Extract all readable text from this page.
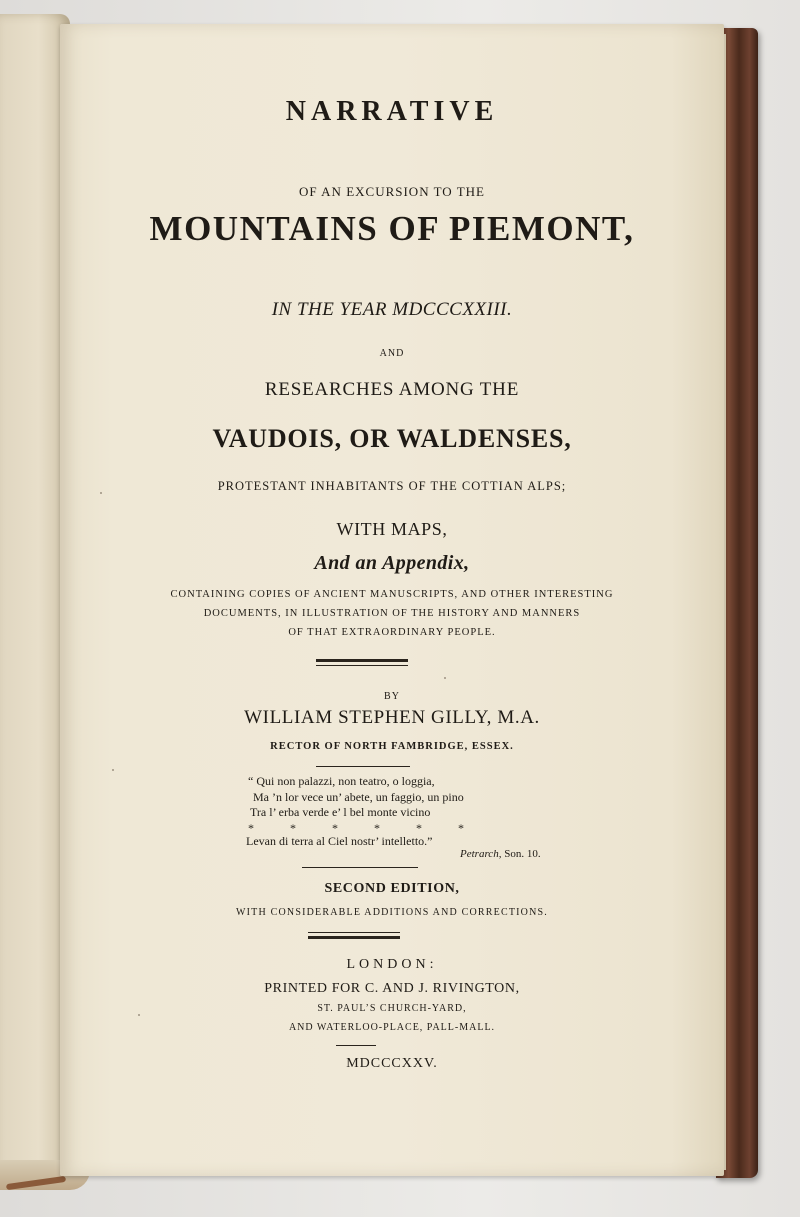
NARRATIVE
OF AN EXCURSION TO THE
MOUNTAINS OF PIEMONT,
IN THE YEAR MDCCCXXIII.
AND
RESEARCHES AMONG THE
VAUDOIS, OR WALDENSES,
PROTESTANT INHABITANTS OF THE COTTIAN ALPS;
WITH MAPS,
And an Appendix,
CONTAINING COPIES OF ANCIENT MANUSCRIPTS, AND OTHER INTERESTING
DOCUMENTS, IN ILLUSTRATION OF THE HISTORY AND MANNERS
OF THAT EXTRAORDINARY PEOPLE.
BY
WILLIAM STEPHEN GILLY, M.A.
RECTOR OF NORTH FAMBRIDGE, ESSEX.
“ Qui non palazzi, non teatro, o loggia,
Ma ’n lor vece un’ abete, un faggio, un pino
Tra l’ erba verde e’ l bel monte vicino
*	*	*	*	*	*
Levan di terra al Ciel nostr’ intelletto.”
Petrarch, Son. 10.
SECOND EDITION,
WITH CONSIDERABLE ADDITIONS AND CORRECTIONS.
LONDON:
PRINTED FOR C. AND J. RIVINGTON,
ST. PAUL’S CHURCH-YARD,
AND WATERLOO-PLACE, PALL-MALL.
MDCCCXXV.
